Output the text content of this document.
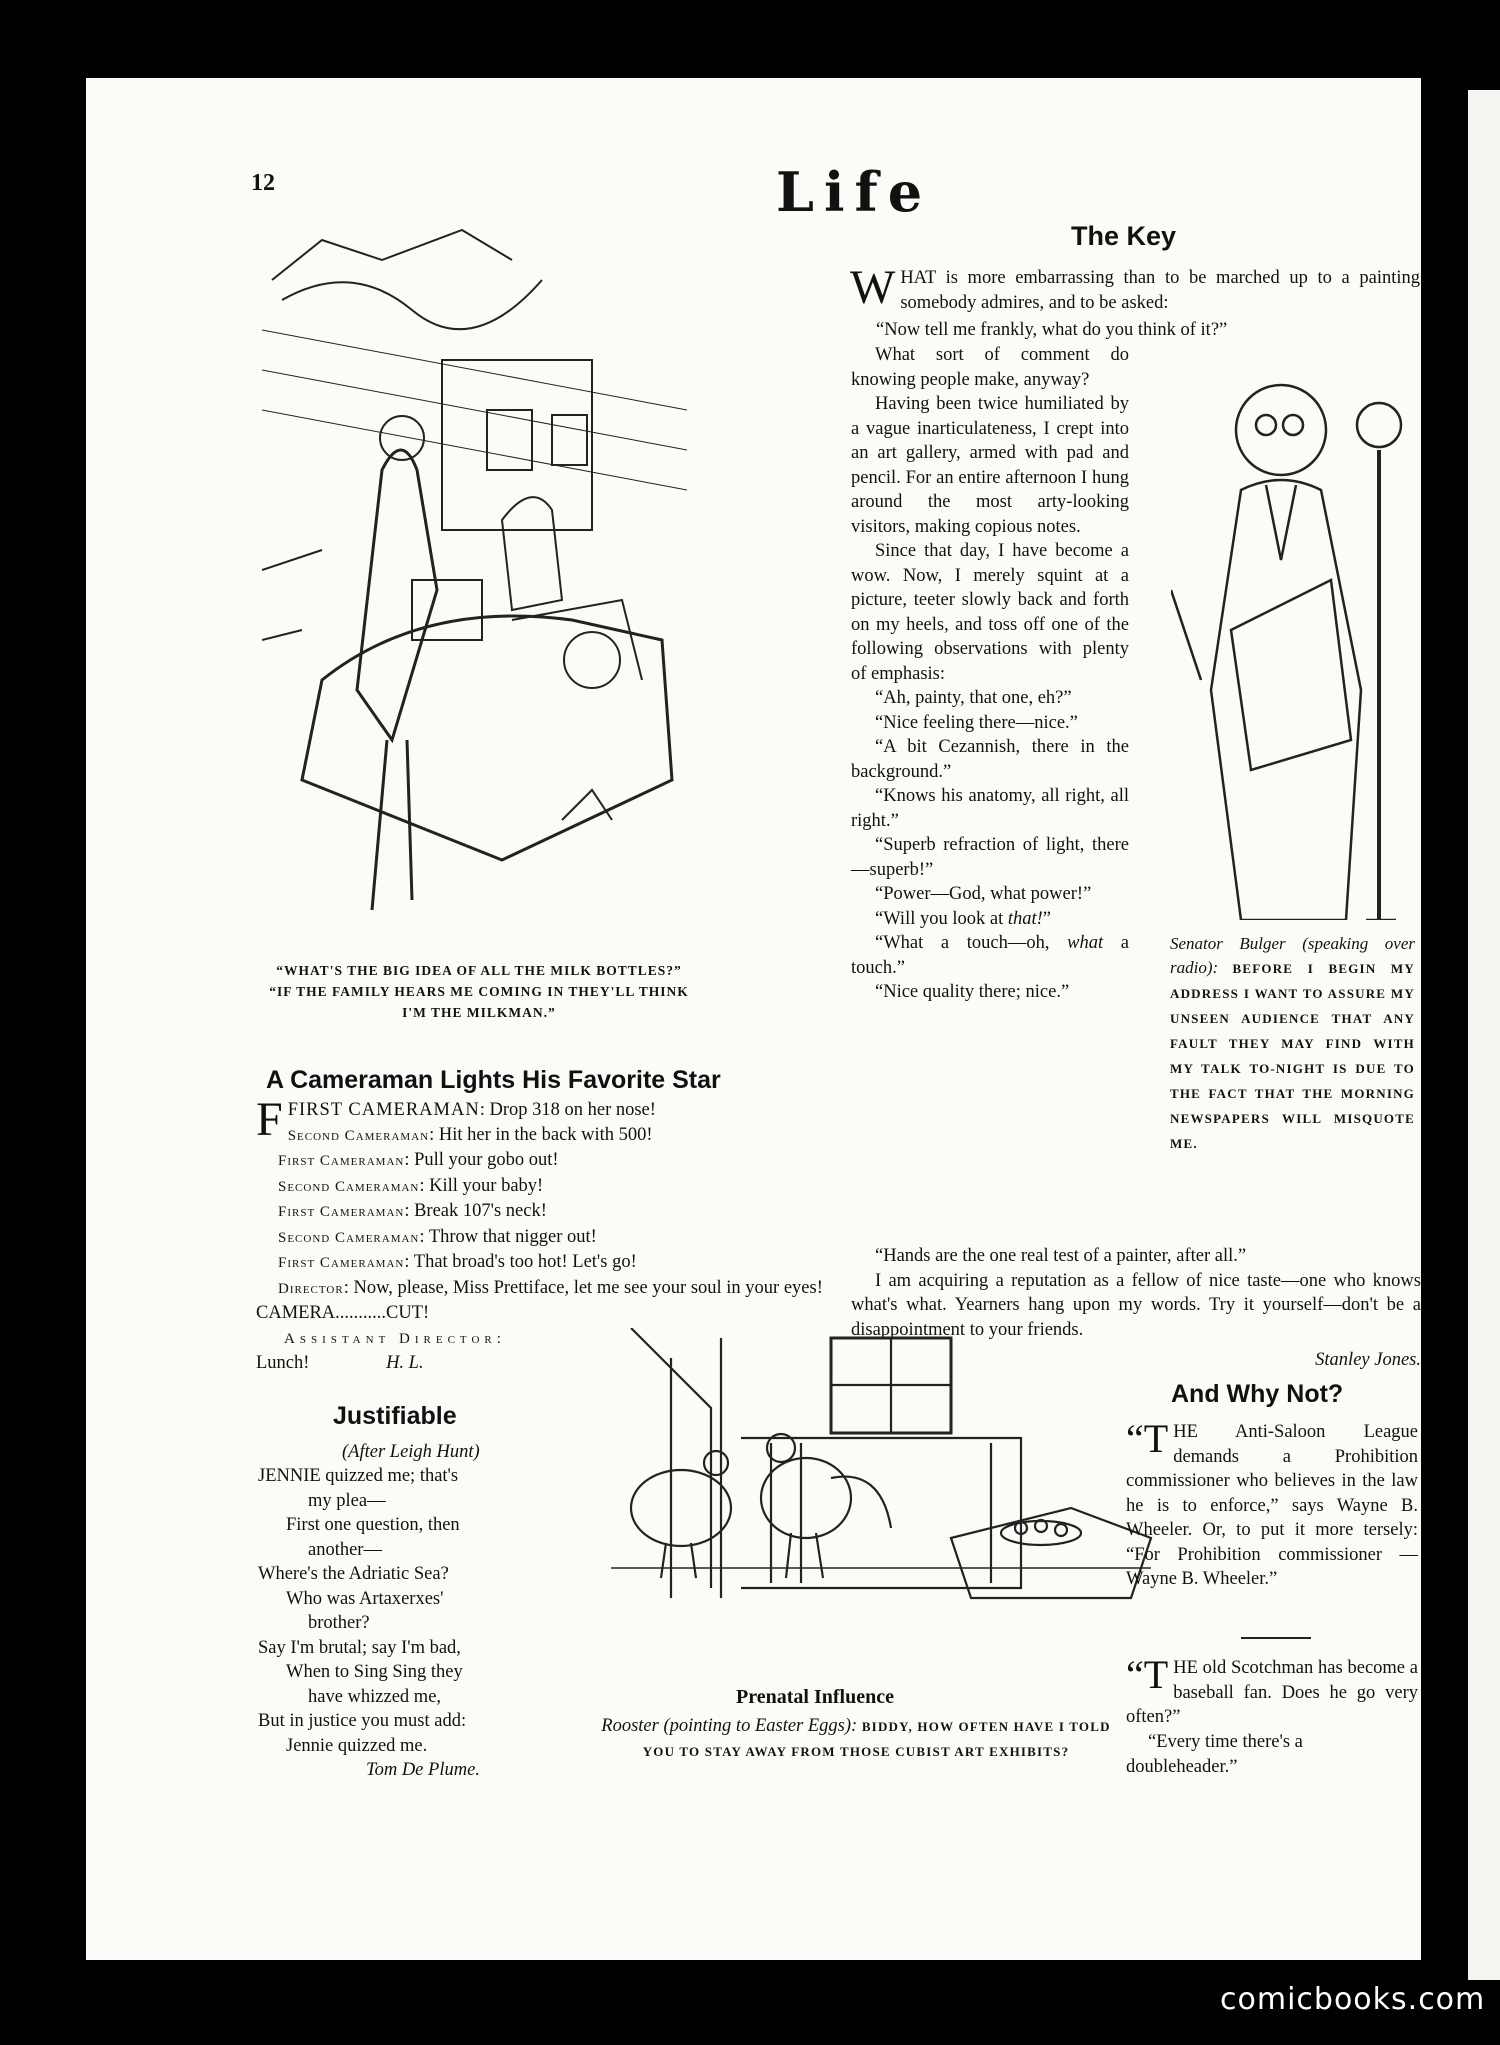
12	Life
“WHAT'S THE BIG IDEA OF ALL THE MILK BOTTLES?”
“IF THE FAMILY HEARS ME COMING IN THEY'LL THINK
I'M THE MILKMAN.”
The Key
WHAT is more embarrassing than to be marched up to a painting somebody admires, and to be asked:
“Now tell me frankly, what do you think of it?”

What sort of comment do knowing people make, anyway?

Having been twice humiliated by a vague inarticulateness, I crept into an art gallery, armed with pad and pencil. For an entire afternoon I hung around the most arty-looking visitors, making copious notes.

Since that day, I have become a wow. Now, I merely squint at a picture, teeter slowly back and forth on my heels, and toss off one of the following observations with plenty of emphasis:

“Ah, painty, that one, eh?”

“Nice feeling there—nice.”

“A bit Cezannish, there in the background.”

“Knows his anatomy, all right, all right.”

“Superb refraction of light, there—superb!”

“Power—God, what power!”

“Will you look at that!”

“What a touch—oh, what a touch.”

“Nice quality there; nice.”

“Hands are the one real test of a painter, after all.”

I am acquiring a reputation as a fellow of nice taste—one who knows what's what. Yearners hang upon my words. Try it yourself—don't be a disappointment to your friends.

Stanley Jones.

Senator Bulger (speaking over radio): BEFORE I BEGIN MY ADDRESS I WANT TO ASSURE MY UNSEEN AUDIENCE THAT ANY FAULT THEY MAY FIND WITH MY TALK TO-NIGHT IS DUE TO THE FACT THAT THE MORNING NEWSPAPERS WILL MISQUOTE ME.
A Cameraman Lights His Favorite Star
FFIRST CAMERAMAN: Drop 318 on her nose!
Second Cameraman: Hit her in the back with 500!
First Cameraman: Pull your gobo out!
Second Cameraman: Kill your baby!
First Cameraman: Break 107's neck!
Second Cameraman: Throw that nigger out!
First Cameraman: That broad's too hot! Let's go!
Director: Now, please, Miss Prettiface, let me see your soul in your eyes!
CAMERA...........CUT!
Assistant Director:
Lunch!	H. L.
Justifiable
(After Leigh Hunt)
JENNIE quizzed me; that's
my plea—
First one question, then
another—
Where's the Adriatic Sea?
Who was Artaxerxes'
brother?
Say I'm brutal; say I'm bad,
When to Sing Sing they
have whizzed me,
But in justice you must add:
Jennie quizzed me.
Tom De Plume.
Prenatal Influence
Rooster (pointing to Easter Eggs): BIDDY, HOW OFTEN HAVE I TOLD YOU TO STAY AWAY FROM THOSE CUBIST ART EXHIBITS?
And Why Not?
“T HE Anti-Saloon League demands a Prohibition commissioner who believes in the law he is to enforce,” says Wayne B. Wheeler. Or, to put it more tersely: “For Prohibition commissioner — Wayne B. Wheeler.”
“T HE old Scotchman has become a baseball fan. Does he go very often?”
“Every time there's a doubleheader.”
comicbooks.com
